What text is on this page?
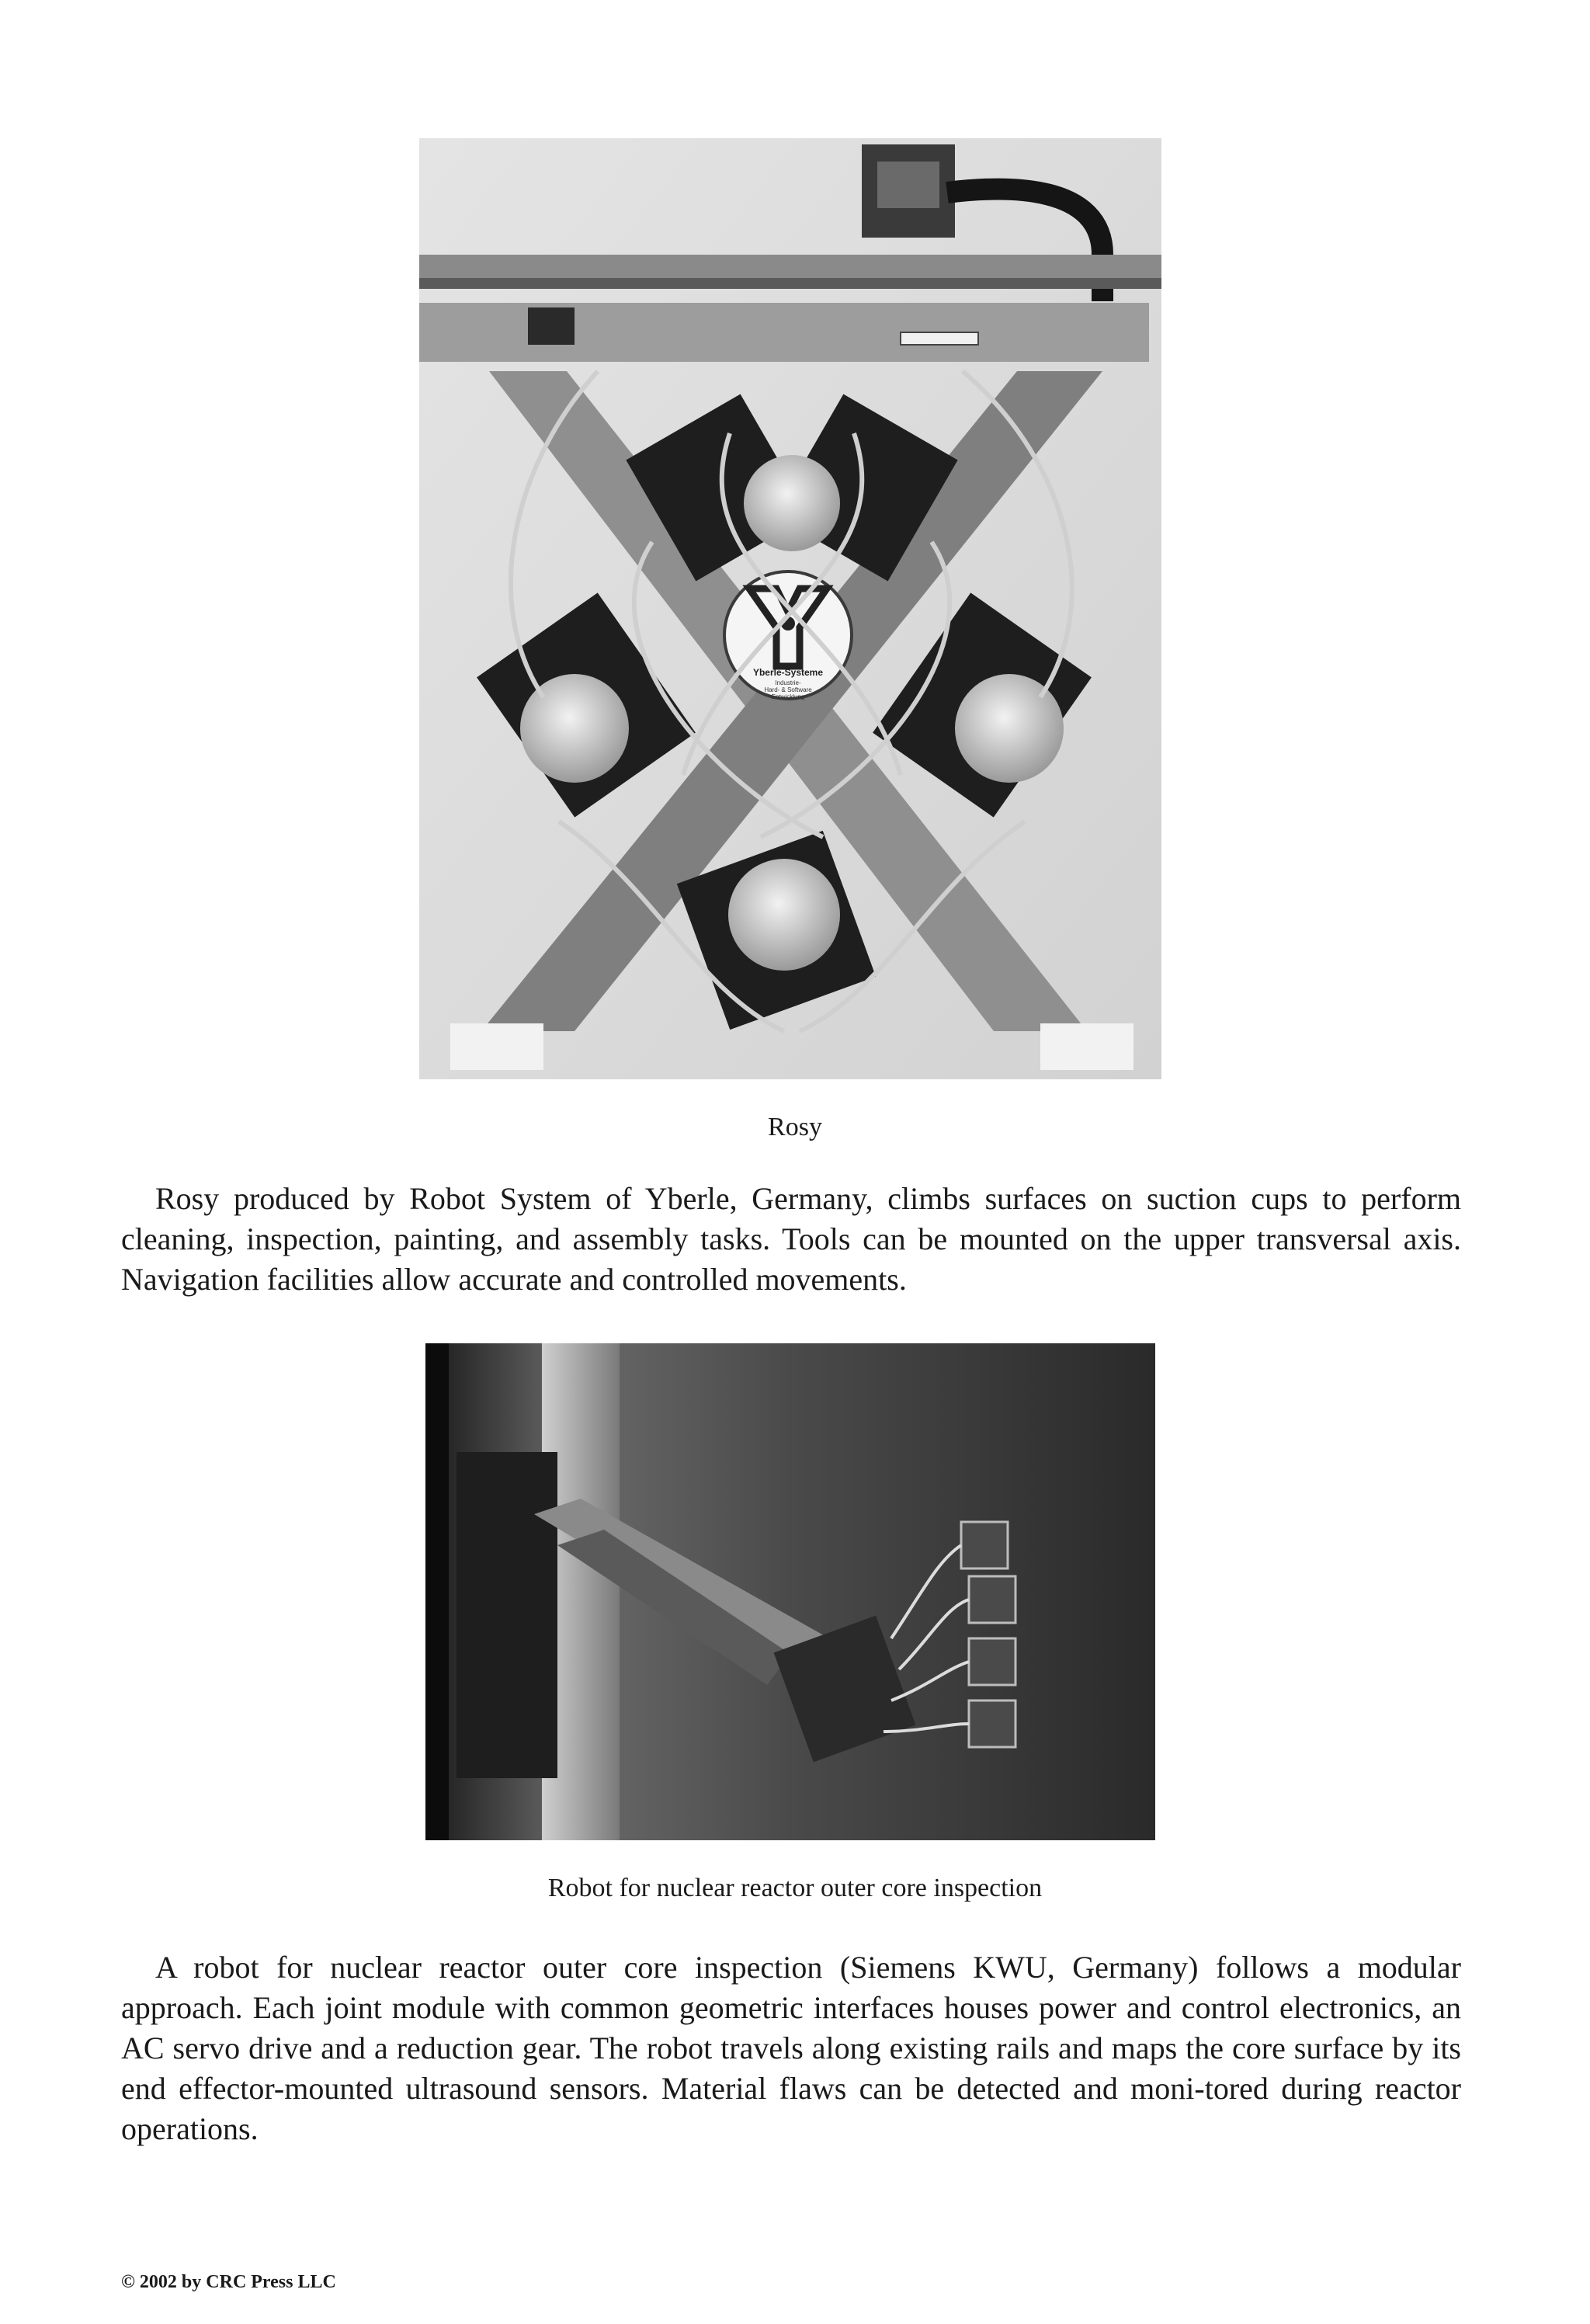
Yberle-Systeme
Industrie-
Hard- & Software
Entwicklung
Rosy

Rosy produced by Robot System of Yberle, Germany, climbs surfaces on suction cups to perform cleaning, inspection, painting, and assembly tasks. Tools can be mounted on the upper transversal axis. Navigation facilities allow accurate and controlled movements.

Robot for nuclear reactor outer core inspection

A robot for nuclear reactor outer core inspection (Siemens KWU, Germany) follows a modular approach. Each joint module with common geometric interfaces houses power and control electronics, an AC servo drive and a reduction gear. The robot travels along existing rails and maps the core surface by its end effector-mounted ultrasound sensors. Material flaws can be detected and moni-tored during reactor operations.

© 2002 by CRC Press LLC
